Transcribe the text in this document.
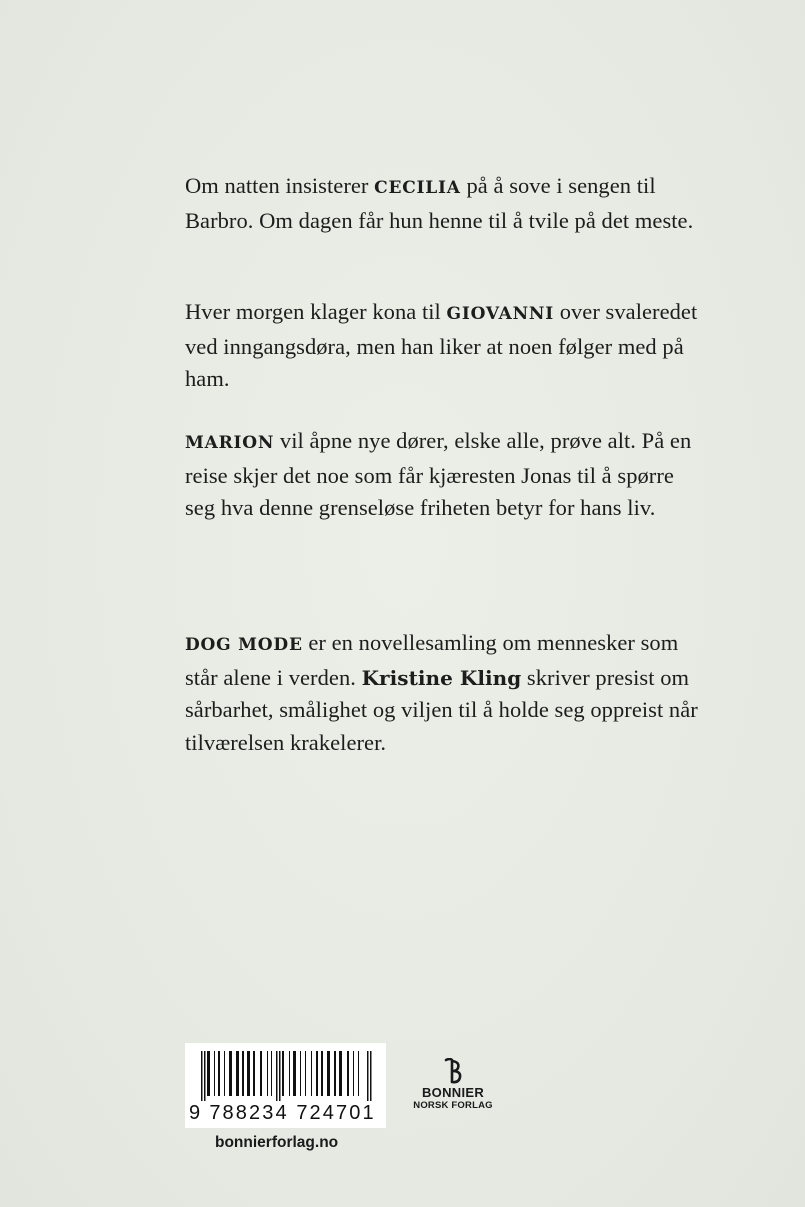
Om natten insisterer CECILIA på å sove i sengen til Barbro. Om dagen får hun henne til å tvile på det meste.

Hver morgen klager kona til GIOVANNI over svaleredet ved inngangsdøra, men han liker at noen følger med på ham.

MARION vil åpne nye dører, elske alle, prøve alt. På en reise skjer det noe som får kjæresten Jonas til å spørre seg hva denne grenseløse friheten betyr for hans liv.

DOG MODE er en novellesamling om mennesker som står alene i verden. Kristine Kling skriver presist om sårbarhet, smålighet og viljen til å holde seg oppreist når tilværelsen krakelerer.

9 788234 724701
bonnierforlag.no
BONNIER
NORSK FORLAG
